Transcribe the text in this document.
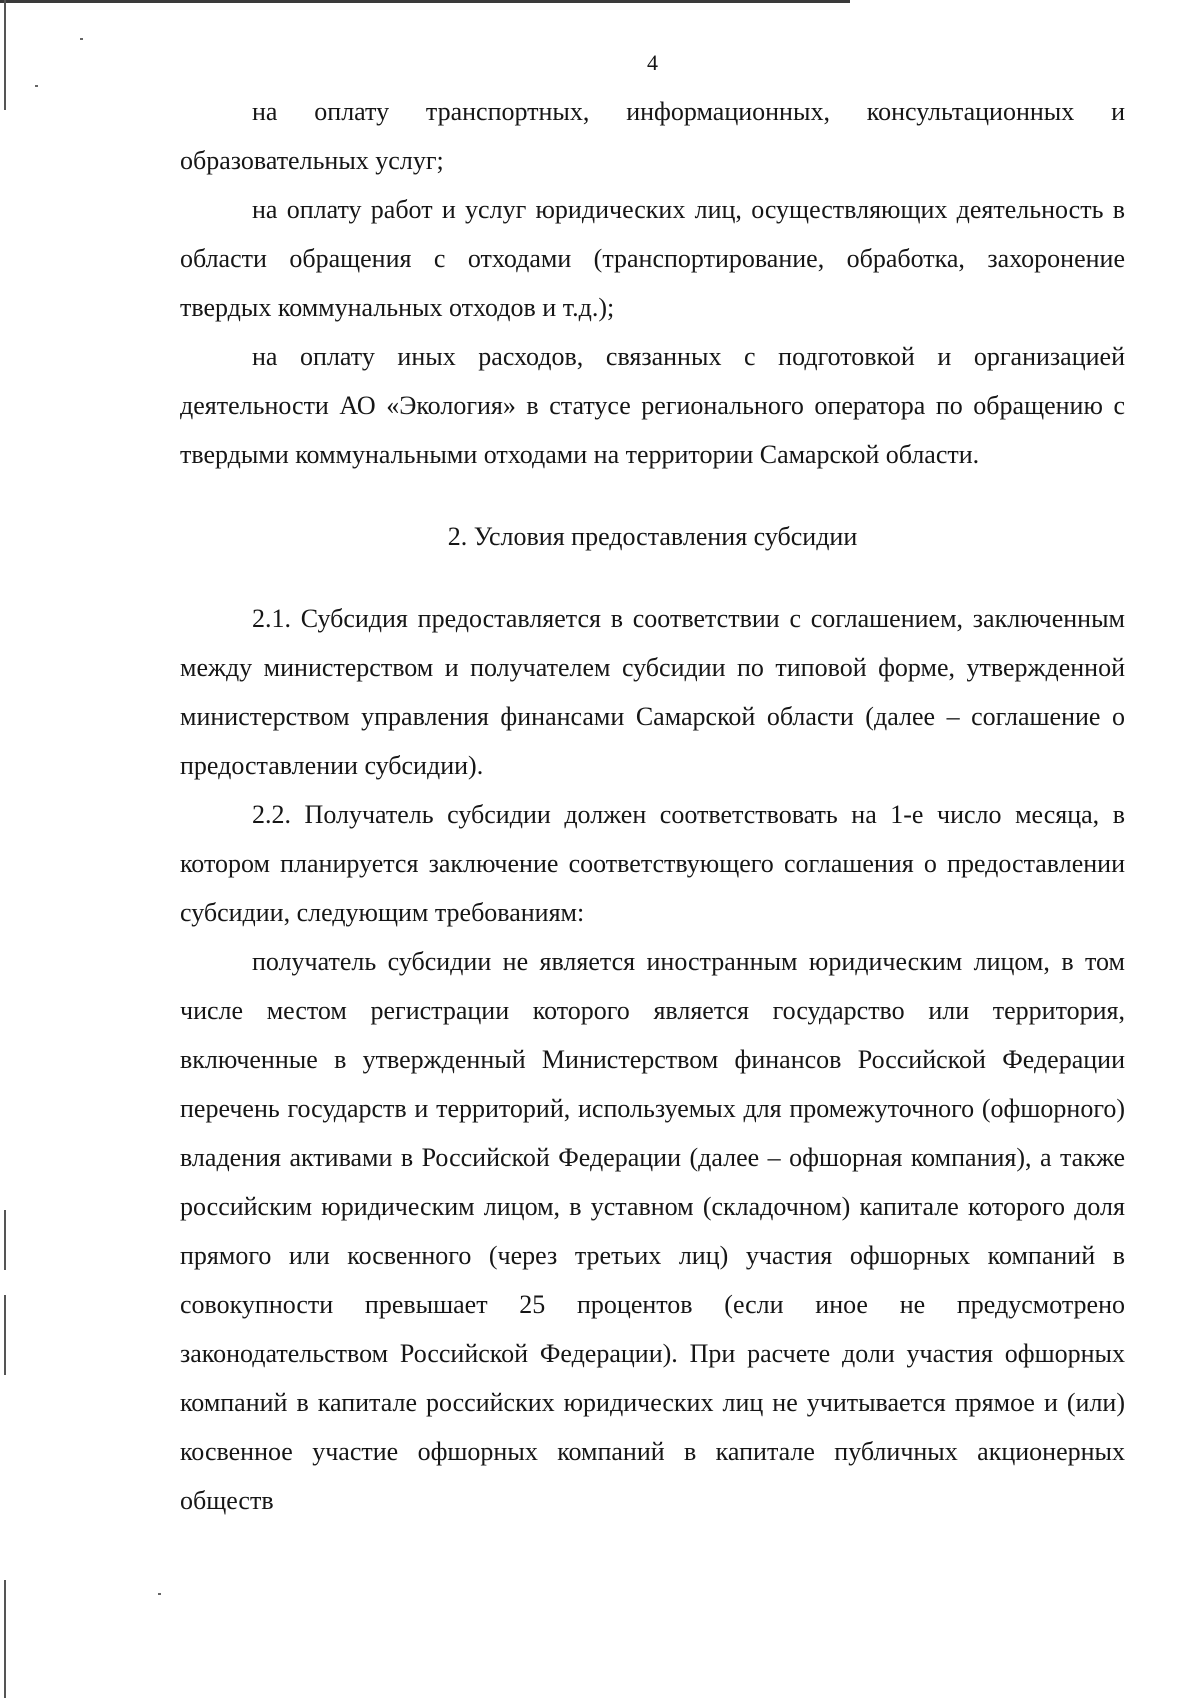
4

на оплату транспортных, информационных, консультационных и образовательных услуг;

на оплату работ и услуг юридических лиц, осуществляющих деятельность в области обращения с отходами (транспортирование, обработка, захоронение твердых коммунальных отходов и т.д.);

на оплату иных расходов, связанных с подготовкой и организацией деятельности АО «Экология» в статусе регионального оператора по обращению с твердыми коммунальными отходами на территории Самарской области.

2. Условия предоставления субсидии

2.1. Субсидия предоставляется в соответствии с соглашением, заключенным между министерством и получателем субсидии по типовой форме, утвержденной министерством управления финансами Самарской области (далее – соглашение о предоставлении субсидии).

2.2. Получатель субсидии должен соответствовать на 1-е число месяца, в котором планируется заключение соответствующего соглашения о предоставлении субсидии, следующим требованиям:

получатель субсидии не является иностранным юридическим лицом, в том числе местом регистрации которого является государство или территория, включенные в утвержденный Министерством финансов Российской Федерации перечень государств и территорий, используемых для промежуточного (офшорного) владения активами в Российской Федерации (далее – офшорная компания), а также российским юридическим лицом, в уставном (складочном) капитале которого доля прямого или косвенного (через третьих лиц) участия офшорных компаний в совокупности превышает 25 процентов (если иное не предусмотрено законодательством Российской Федерации). При расчете доли участия офшорных компаний в капитале российских юридических лиц не учитывается прямое и (или) косвенное участие офшорных компаний в капитале публичных акционерных обществ
